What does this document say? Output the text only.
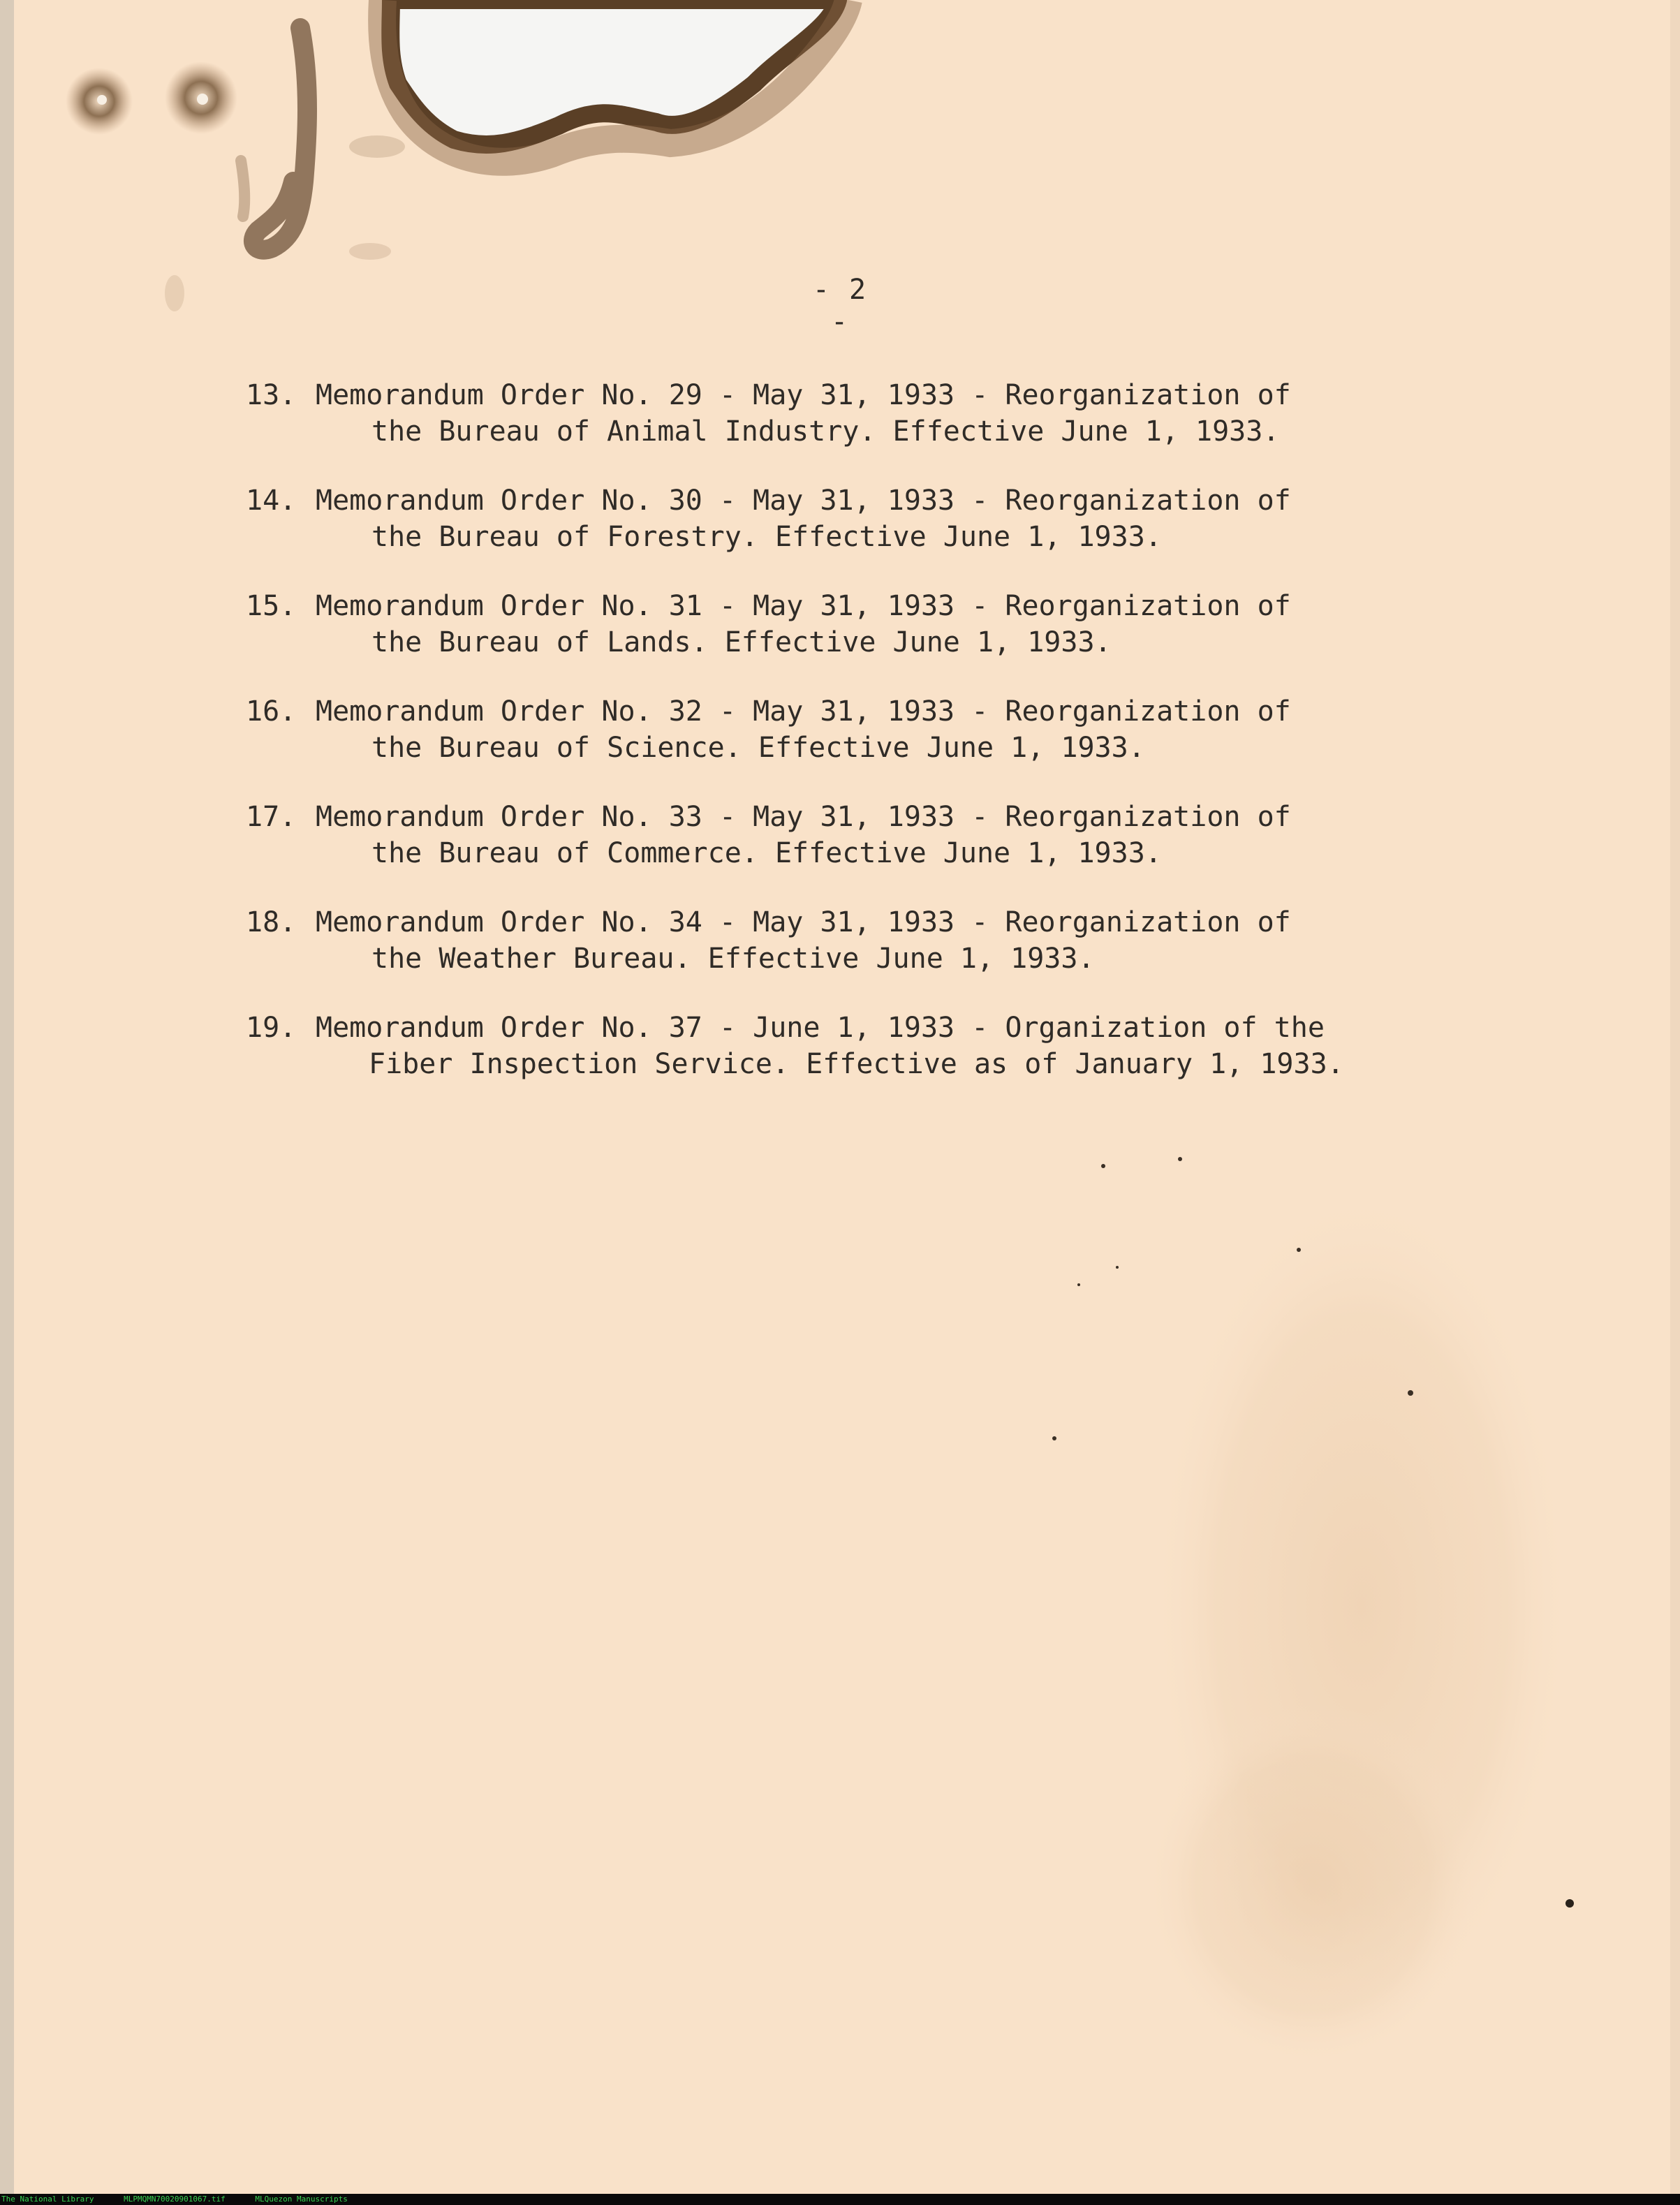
- 2 -
13. Memorandum Order No. 29 - May 31, 1933 - Reorganization of
the Bureau of Animal Industry. Effective June 1, 1933.
14. Memorandum Order No. 30 - May 31, 1933 - Reorganization of
the Bureau of Forestry. Effective June 1, 1933.
15. Memorandum Order No. 31 - May 31, 1933 - Reorganization of
the Bureau of Lands. Effective June 1, 1933.
16. Memorandum Order No. 32 - May 31, 1933 - Reorganization of
the Bureau of Science. Effective June 1, 1933.
17. Memorandum Order No. 33 - May 31, 1933 - Reorganization of
the Bureau of Commerce. Effective June 1, 1933.
18. Memorandum Order No. 34 - May 31, 1933 - Reorganization of
the Weather Bureau. Effective June 1, 1933.
19. Memorandum Order No. 37 - June 1, 1933 - Organization of the
Fiber Inspection Service. Effective as of January 1, 1933.
The National Library	MLPMQMN70020901067.tif	MLQuezon Manuscripts
